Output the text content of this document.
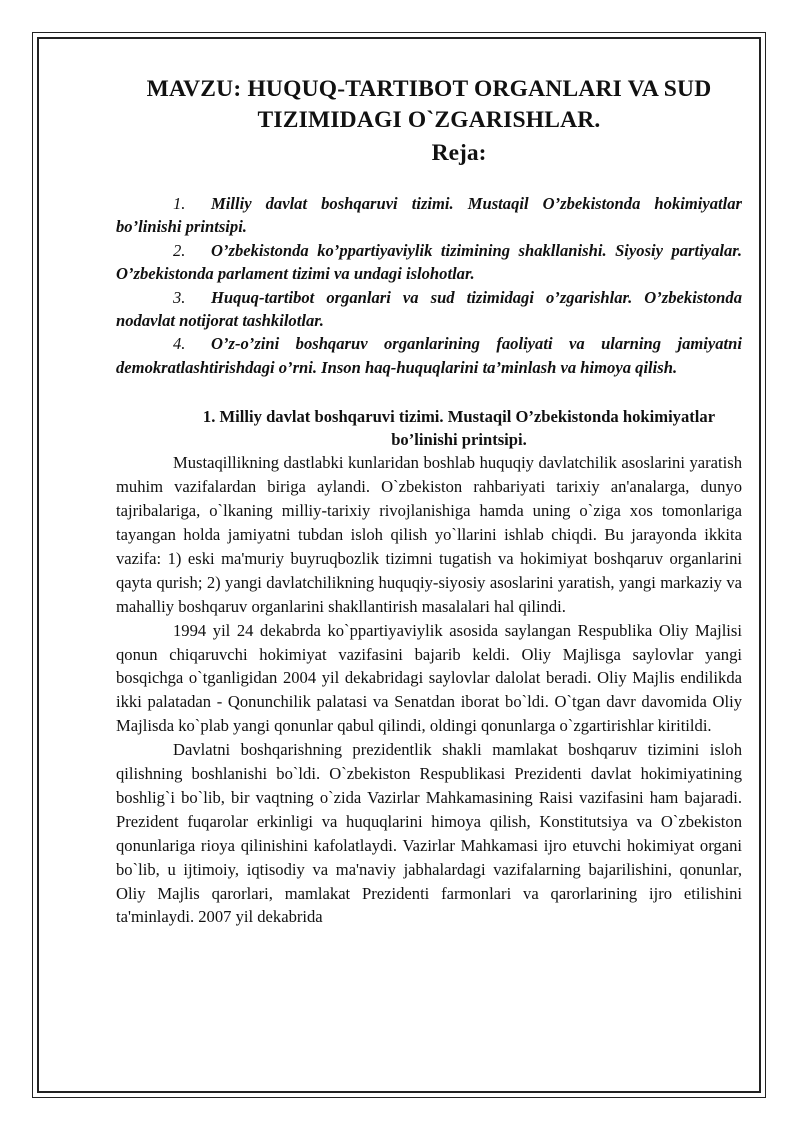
MAVZU: HUQUQ-TARTIBOT ORGANLARI VA SUD TIZIMIDAGI O`ZGARISHLAR.
Reja:
1. Milliy davlat boshqaruvi tizimi. Mustaqil O’zbekistonda hokimiyatlar bo’linishi printsipi.
2. O’zbekistonda ko’ppartiyaviylik tizimining shakllanishi. Siyosiy partiyalar. O’zbekistonda parlament tizimi va undagi islohotlar.
3. Huquq-tartibot organlari va sud tizimidagi o’zgarishlar. O’zbekistonda nodavlat notijorat tashkilotlar.
4. O’z-o’zini boshqaruv organlarining faoliyati va ularning jamiyatni demokratlashtirishdagi o’rni. Inson haq-huquqlarini ta’minlash va himoya qilish.
1. Milliy davlat boshqaruvi tizimi. Mustaqil O’zbekistonda hokimiyatlar bo’linishi printsipi.

Mustaqillikning dastlabki kunlaridan boshlab huquqiy davlatchilik asoslarini yaratish muhim vazifalardan biriga aylandi. O`zbekiston rahbariyati tarixiy an'analarga, dunyo tajribalariga, o`lkaning milliy-tarixiy rivojlanishiga hamda uning o`ziga xos tomonlariga tayangan holda jamiyatni tubdan isloh qilish yo`llarini ishlab chiqdi. Bu jarayonda ikkita vazifa: 1) eski ma'muriy buyruqbozlik tizimni tugatish va hokimiyat boshqaruv organlarini qayta qurish; 2) yangi davlatchilikning huquqiy-siyosiy asoslarini yaratish, yangi markaziy va mahalliy boshqaruv organlarini shakllantirish masalalari hal qilindi.

1994 yil 24 dekabrda ko`ppartiyaviylik asosida saylangan Respublika Oliy Majlisi qonun chiqaruvchi hokimiyat vazifasini bajarib keldi. Oliy Majlisga saylovlar yangi bosqichga o`tganligidan 2004 yil dekabridagi saylovlar dalolat beradi. Oliy Majlis endilikda ikki palatadan - Qonunchilik palatasi va Senatdan iborat bo`ldi. O`tgan davr davomida Oliy Majlisda ko`plab yangi qonunlar qabul qilindi, oldingi qonunlarga o`zgartirishlar kiritildi.

Davlatni boshqarishning prezidentlik shakli mamlakat boshqaruv tizimini isloh qilishning boshlanishi bo`ldi. O`zbekiston Respublikasi Prezidenti davlat hokimiyatining boshlig`i bo`lib, bir vaqtning o`zida Vazirlar Mahkamasining Raisi vazifasini ham bajaradi. Prezident fuqarolar erkinligi va huquqlarini himoya qilish, Konstitutsiya va O`zbekiston qonunlariga rioya qilinishini kafolatlaydi. Vazirlar Mahkamasi ijro etuvchi hokimiyat organi bo`lib, u ijtimoiy, iqtisodiy va ma'naviy jabhalardagi vazifalarning bajarilishini, qonunlar, Oliy Majlis qarorlari, mamlakat Prezidenti farmonlari va qarorlarining ijro etilishini ta'minlaydi. 2007 yil dekabrida
